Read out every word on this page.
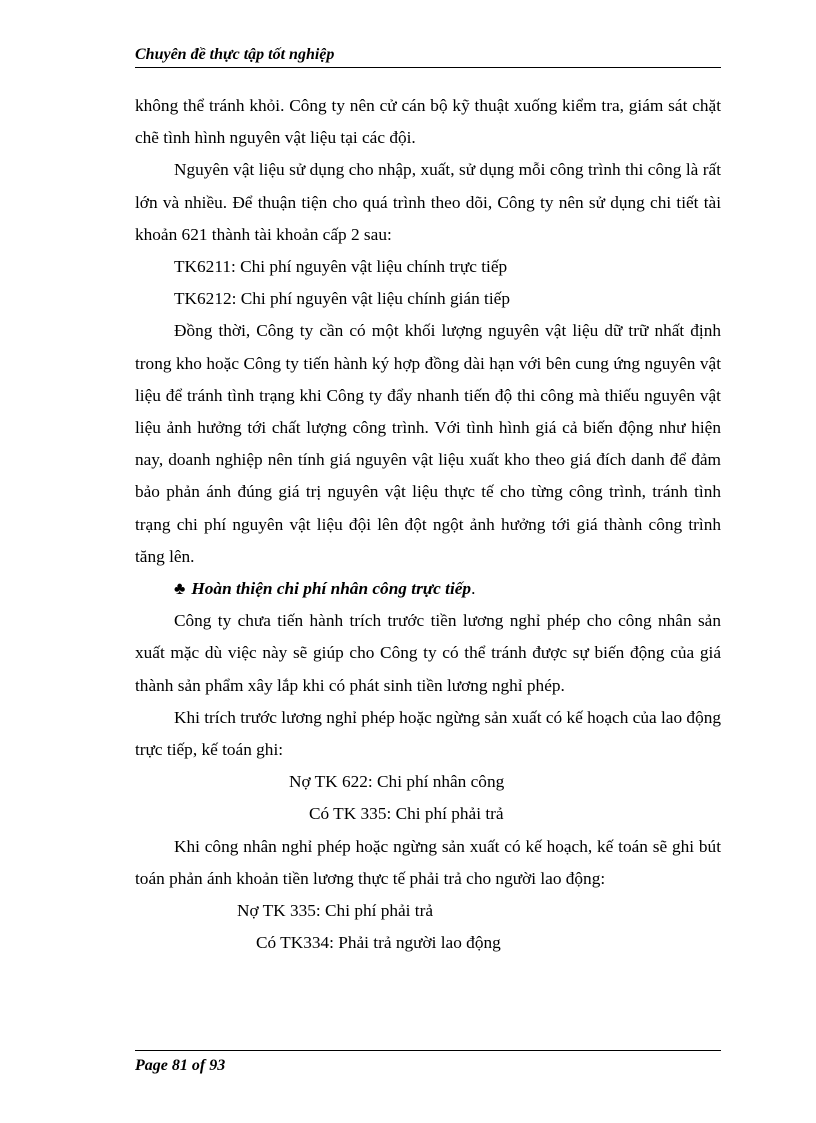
Chuyên đề thực tập tốt nghiệp

không thể tránh khỏi. Công ty nên cử cán bộ kỹ thuật xuống kiểm tra, giám sát chặt chẽ tình hình nguyên vật liệu tại các đội.

Nguyên vật liệu sử dụng cho nhập, xuất, sử dụng mỗi công trình thi công là rất lớn và nhiều. Để thuận tiện cho quá trình theo dõi, Công ty nên sử dụng chi tiết tài khoản 621 thành tài khoản cấp 2 sau:

TK6211: Chi phí nguyên vật liệu chính trực tiếp

TK6212: Chi phí nguyên vật liệu chính gián tiếp

Đồng thời, Công ty cần có một khối lượng nguyên vật liệu dữ trữ nhất định trong kho hoặc Công ty tiến hành ký hợp đồng dài hạn với bên cung ứng nguyên vật liệu để tránh tình trạng khi Công ty đẩy nhanh tiến độ thi công mà thiếu nguyên vật liệu ảnh hưởng tới chất lượng công trình. Với tình hình giá cả biến động như hiện nay, doanh nghiệp nên tính giá nguyên vật liệu xuất kho theo giá đích danh để đảm bảo phản ánh đúng giá trị nguyên vật liệu thực tế cho từng công trình, tránh tình trạng chi phí nguyên vật liệu đội lên đột ngột ảnh hưởng tới giá thành công trình tăng lên.

♣ Hoàn thiện chi phí nhân công trực tiếp.

Công ty chưa tiến hành trích trước tiền lương nghỉ phép cho công nhân sản xuất mặc dù việc này sẽ giúp cho Công ty có thể tránh được sự biến động của giá thành sản phẩm xây lắp khi có phát sinh tiền lương nghỉ phép.

Khi trích trước lương nghỉ phép hoặc ngừng sản xuất có kế hoạch của lao động trực tiếp, kế toán ghi:

Nợ TK 622: Chi phí nhân công

Có TK 335: Chi phí phải trả

Khi công nhân nghỉ phép hoặc ngừng sản xuất có kế hoạch, kế toán sẽ ghi bút toán phản ánh khoản tiền lương thực tế phải trả cho người lao động:

Nợ TK 335: Chi phí phải trả

Có TK334: Phải trả người lao động

Page 81 of 93
